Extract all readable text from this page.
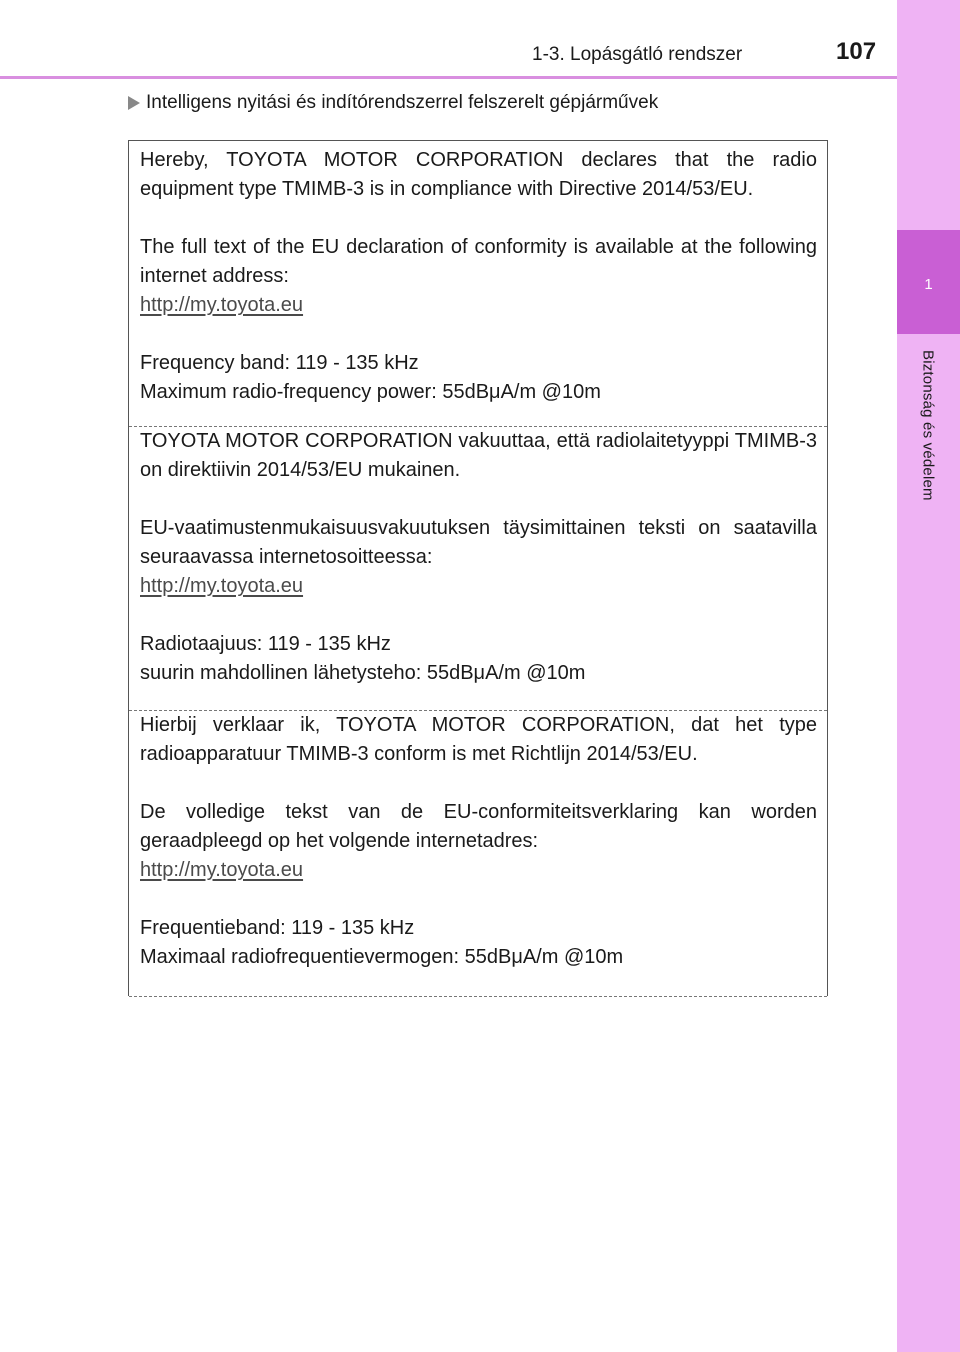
1
Biztonság és védelem
1-3. Lopásgátló rendszer	107
Intelligens nyitási és indítórendszerrel felszerelt gépjárművek

Hereby, TOYOTA MOTOR CORPORATION declares that the radio equipment type TMIMB-3 is in compliance with Directive 2014/53/EU.

The full text of the EU declaration of conformity is available at the following internet address:

http://my.toyota.eu

Frequency band: 119 - 135 kHz

Maximum radio-frequency power: 55dBμA/m @10m

TOYOTA MOTOR CORPORATION vakuuttaa, että radiolaitetyyppi TMIMB-3 on direktiivin 2014/53/EU mukainen.

EU-vaatimustenmukaisuusvakuutuksen täysimittainen teksti on saatavilla seuraavassa internetosoitteessa:

http://my.toyota.eu

Radiotaajuus: 119 - 135 kHz

suurin mahdollinen lähetysteho: 55dBμA/m @10m

Hierbij verklaar ik, TOYOTA MOTOR CORPORATION, dat het type radioapparatuur TMIMB-3 conform is met Richtlijn 2014/53/EU.

De volledige tekst van de EU-conformiteitsverklaring kan worden geraadpleegd op het volgende internetadres:

http://my.toyota.eu

Frequentieband: 119 - 135 kHz

Maximaal radiofrequentievermogen: 55dBμA/m @10m
